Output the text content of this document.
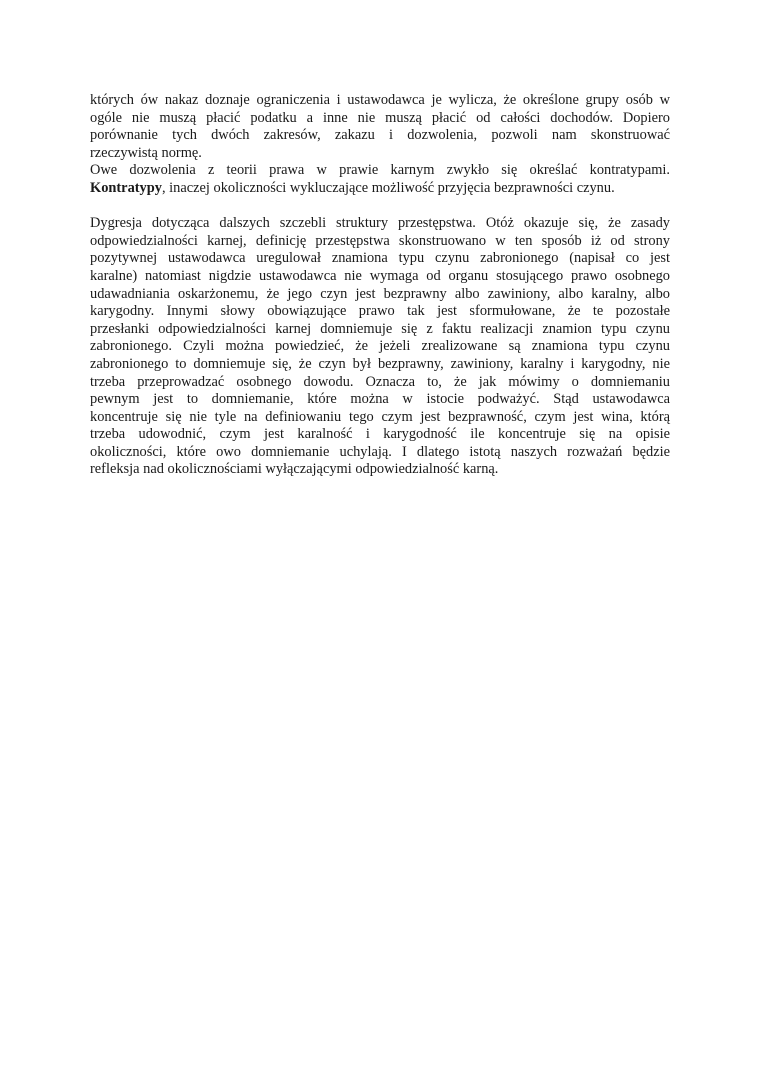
których ów nakaz doznaje ograniczenia i ustawodawca je wylicza, że określone grupy osób w
ogóle nie muszą płacić podatku a inne nie muszą płacić od całości dochodów. Dopiero
porównanie tych dwóch zakresów, zakazu i dozwolenia, pozwoli nam skonstruować
rzeczywistą normę.
Owe dozwolenia z teorii prawa w prawie karnym zwykło się określać kontratypami.
Kontratypy, inaczej okoliczności wykluczające możliwość przyjęcia bezprawności czynu.
Dygresja dotycząca dalszych szczebli struktury przestępstwa. Otóż okazuje się, że zasady
odpowiedzialności karnej, definicję przestępstwa skonstruowano w ten sposób iż od strony
pozytywnej ustawodawca uregulował znamiona typu czynu zabronionego (napisał co jest
karalne) natomiast nigdzie ustawodawca nie wymaga od organu stosującego prawo osobnego
udawadniania oskarżonemu, że jego czyn jest bezprawny albo zawiniony, albo karalny, albo
karygodny. Innymi słowy obowiązujące prawo tak jest sformułowane, że te pozostałe
przesłanki odpowiedzialności karnej domniemuje się z faktu realizacji znamion typu czynu
zabronionego. Czyli można powiedzieć, że jeżeli zrealizowane są znamiona typu czynu
zabronionego to domniemuje się, że czyn był bezprawny, zawiniony, karalny i karygodny, nie
trzeba przeprowadzać osobnego dowodu. Oznacza to, że jak mówimy o domniemaniu
pewnym jest to domniemanie, które można w istocie podważyć. Stąd ustawodawca
koncentruje się nie tyle na definiowaniu tego czym jest bezprawność, czym jest wina, którą
trzeba udowodnić, czym jest karalność i karygodność ile koncentruje się na opisie
okoliczności, które owo domniemanie uchylają. I dlatego istotą naszych rozważań będzie
refleksja nad okolicznościami wyłączającymi odpowiedzialność karną.
